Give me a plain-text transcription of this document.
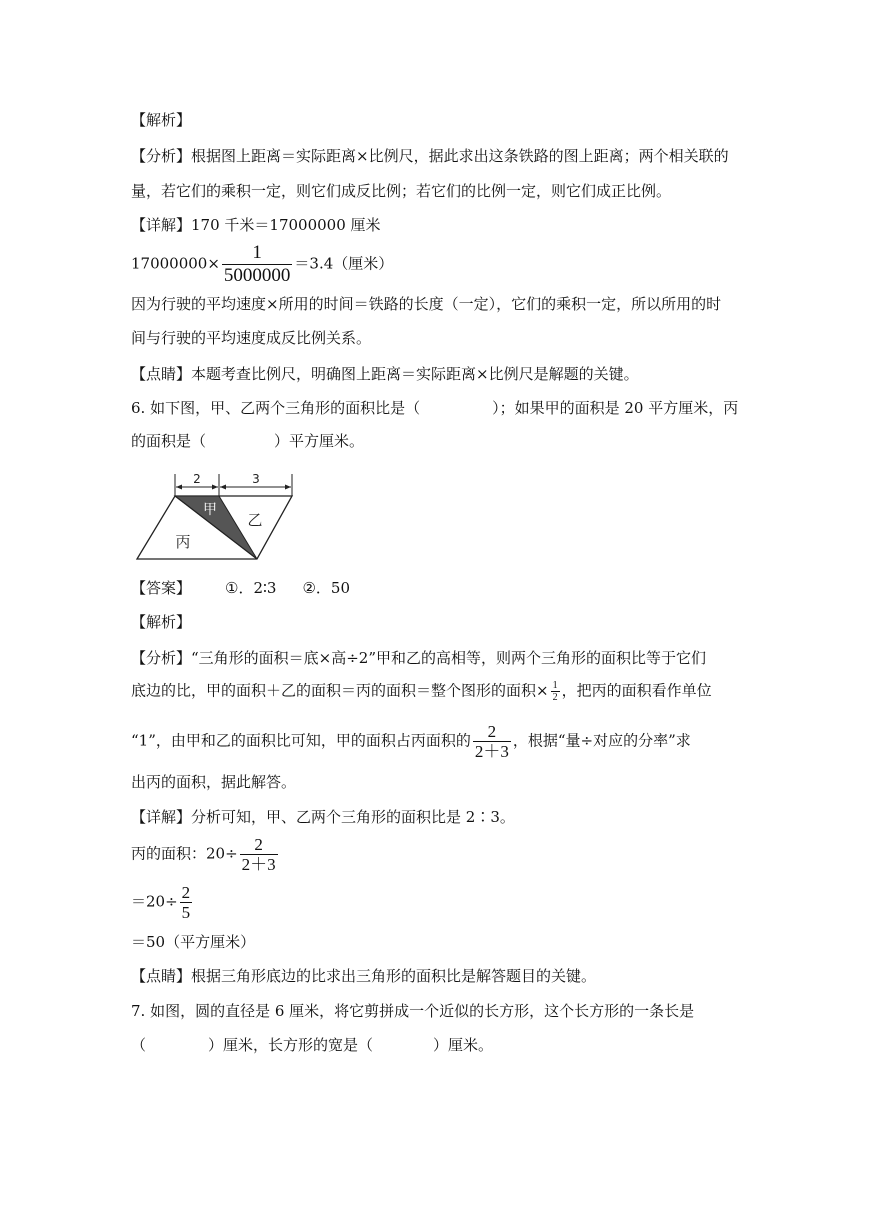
【解析】
【分析】根据图上距离＝实际距离×比例尺，据此求出这条铁路的图上距离；两个相关联的
量，若它们的乘积一定，则它们成反比例；若它们的比例一定，则它们成正比例。
【详解】170 千米＝17000000 厘米
$17000000\times \frac{1}{5000000} =3.4$（厘米）
因为行驶的平均速度×所用的时间＝铁路的长度（一定），它们的乘积一定，所以所用的时
间与行驶的平均速度成反比例关系。
【点睛】本题考查比例尺，明确图上距离＝实际距离×比例尺是解题的关键。
6. 如下图，甲、乙两个三角形的面积比是（	）；如果甲的面积是 20 平方厘米，丙
的面积是（	）平方厘米。
2	3
甲
乙
丙
【答案】 ①．2∶3 ②．50
【解析】
【分析】“三角形的面积＝底×高÷2”甲和乙的高相等，则两个三角形的面积比等于它们
底边的比，甲的面积＋乙的面积＝丙的面积＝整个图形的面积× $\frac{1}{2}$ ，把丙的面积看作单位
“1”，由甲和乙的面积比可知，甲的面积占丙面积的 $\frac{2}{2+3}$ ，根据“量÷对应的分率”求
出丙的面积，据此解答。
【详解】分析可知，甲、乙两个三角形的面积比是 2∶3。
丙的面积：$20\div \frac{2}{2+3}$
$=20\div \frac{2}{5}$
＝50（平方厘米）
【点睛】根据三角形底边的比求出三角形的面积比是解答题目的关键。
7. 如图，圆的直径是 6 厘米，将它剪拼成一个近似的长方形，这个长方形的一条长是
（	）厘米，长方形的宽是（	）厘米。
